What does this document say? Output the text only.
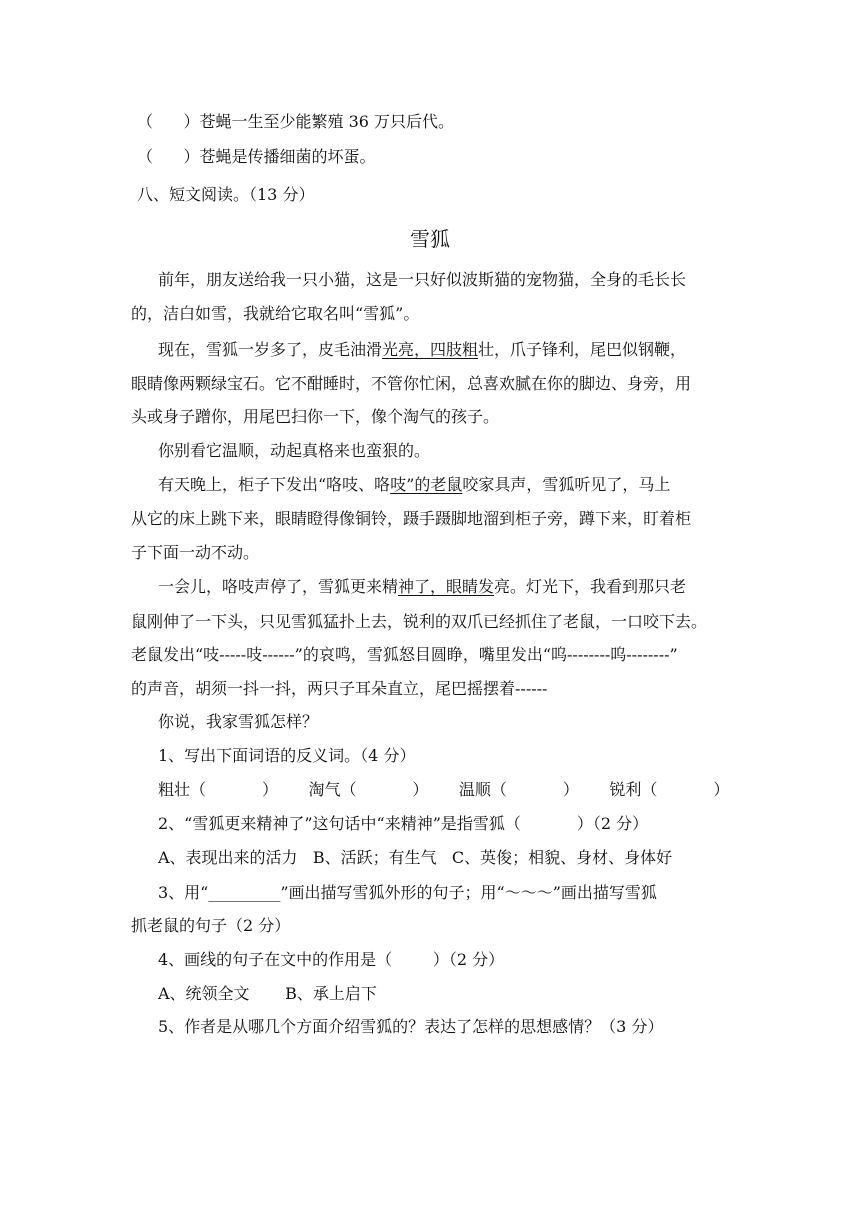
（      ）苍蝇一生至少能繁殖 36 万只后代。
（      ）苍蝇是传播细菌的坏蛋。
八、短文阅读。（13 分）
雪狐
前年，朋友送给我一只小猫，这是一只好似波斯猫的宠物猫，全身的毛长长
的，洁白如雪，我就给它取名叫“雪狐”。
现在，雪狐一岁多了，皮毛油滑光亮，四肢粗壮，爪子锋利，尾巴似钢鞭，
眼睛像两颗绿宝石。它不酣睡时，不管你忙闲，总喜欢腻在你的脚边、身旁，用
头或身子蹭你，用尾巴扫你一下，像个淘气的孩子。
你别看它温顺，动起真格来也蛮狠的。
有天晚上，柜子下发出“咯吱、咯吱”的老鼠咬家具声，雪狐听见了，马上
从它的床上跳下来，眼睛瞪得像铜铃，蹑手蹑脚地溜到柜子旁，蹲下来，盯着柜
子下面一动不动。
一会儿，咯吱声停了，雪狐更来精神了，眼睛发亮。灯光下，我看到那只老
鼠刚伸了一下头，只见雪狐猛扑上去，锐利的双爪已经抓住了老鼠，一口咬下去。
老鼠发出“吱-----吱------”的哀鸣，雪狐怒目圆睁，嘴里发出“呜--------呜--------”
的声音，胡须一抖一抖，两只子耳朵直立，尾巴摇摆着------
你说，我家雪狐怎样？
1、写出下面词语的反义词。（4 分）
粗壮（           ）      淘气（           ）      温顺（           ）      锐利（           ）
2、“雪狐更来精神了”这句话中“来精神”是指雪狐（           ）（2 分）
A、表现出来的活力   B、活跃；有生气   C、英俊；相貌、身材、身体好
3、用“_________”画出描写雪狐外形的句子；用“～～～”画出描写雪狐
抓老鼠的句子（2 分）
4、画线的句子在文中的作用是（        ）（2 分）
A、统领全文       B、承上启下
5、作者是从哪几个方面介绍雪狐的？表达了怎样的思想感情？（3 分）
